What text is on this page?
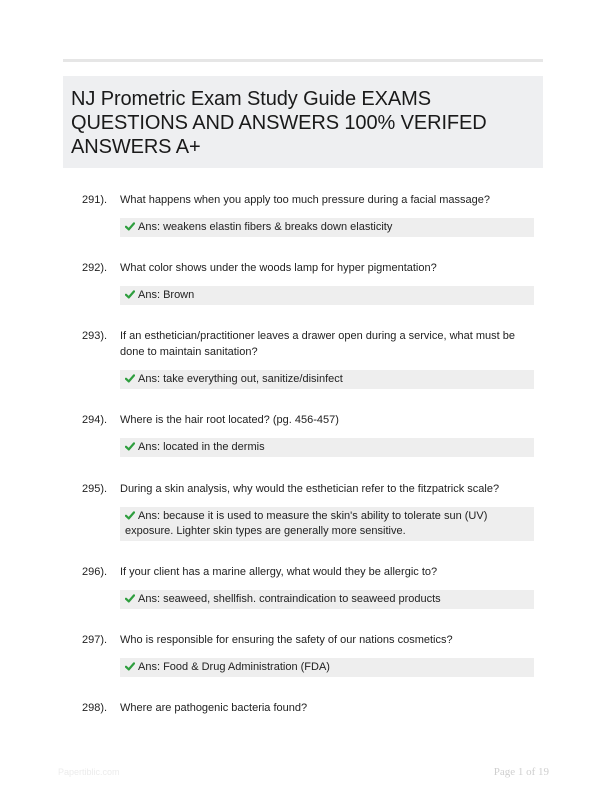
NJ Prometric Exam Study Guide EXAMS QUESTIONS AND ANSWERS 100% VERIFED ANSWERS A+
291). What happens when you apply too much pressure during a facial massage?
Ans: weakens elastin fibers & breaks down elasticity
292). What color shows under the woods lamp for hyper pigmentation?
Ans: Brown
293). If an esthetician/practitioner leaves a drawer open during a service, what must be done to maintain sanitation?
Ans: take everything out, sanitize/disinfect
294). Where is the hair root located? (pg. 456-457)
Ans: located in the dermis
295). During a skin analysis, why would the esthetician refer to the fitzpatrick scale?
Ans: because it is used to measure the skin's ability to tolerate sun (UV) exposure. Lighter skin types are generally more sensitive.
296). If your client has a marine allergy, what would they be allergic to?
Ans: seaweed, shellfish. contraindication to seaweed products
297). Who is responsible for ensuring the safety of our nations cosmetics?
Ans: Food & Drug Administration (FDA)
298). Where are pathogenic bacteria found?
Papertiblic.com	Page 1 of 19
